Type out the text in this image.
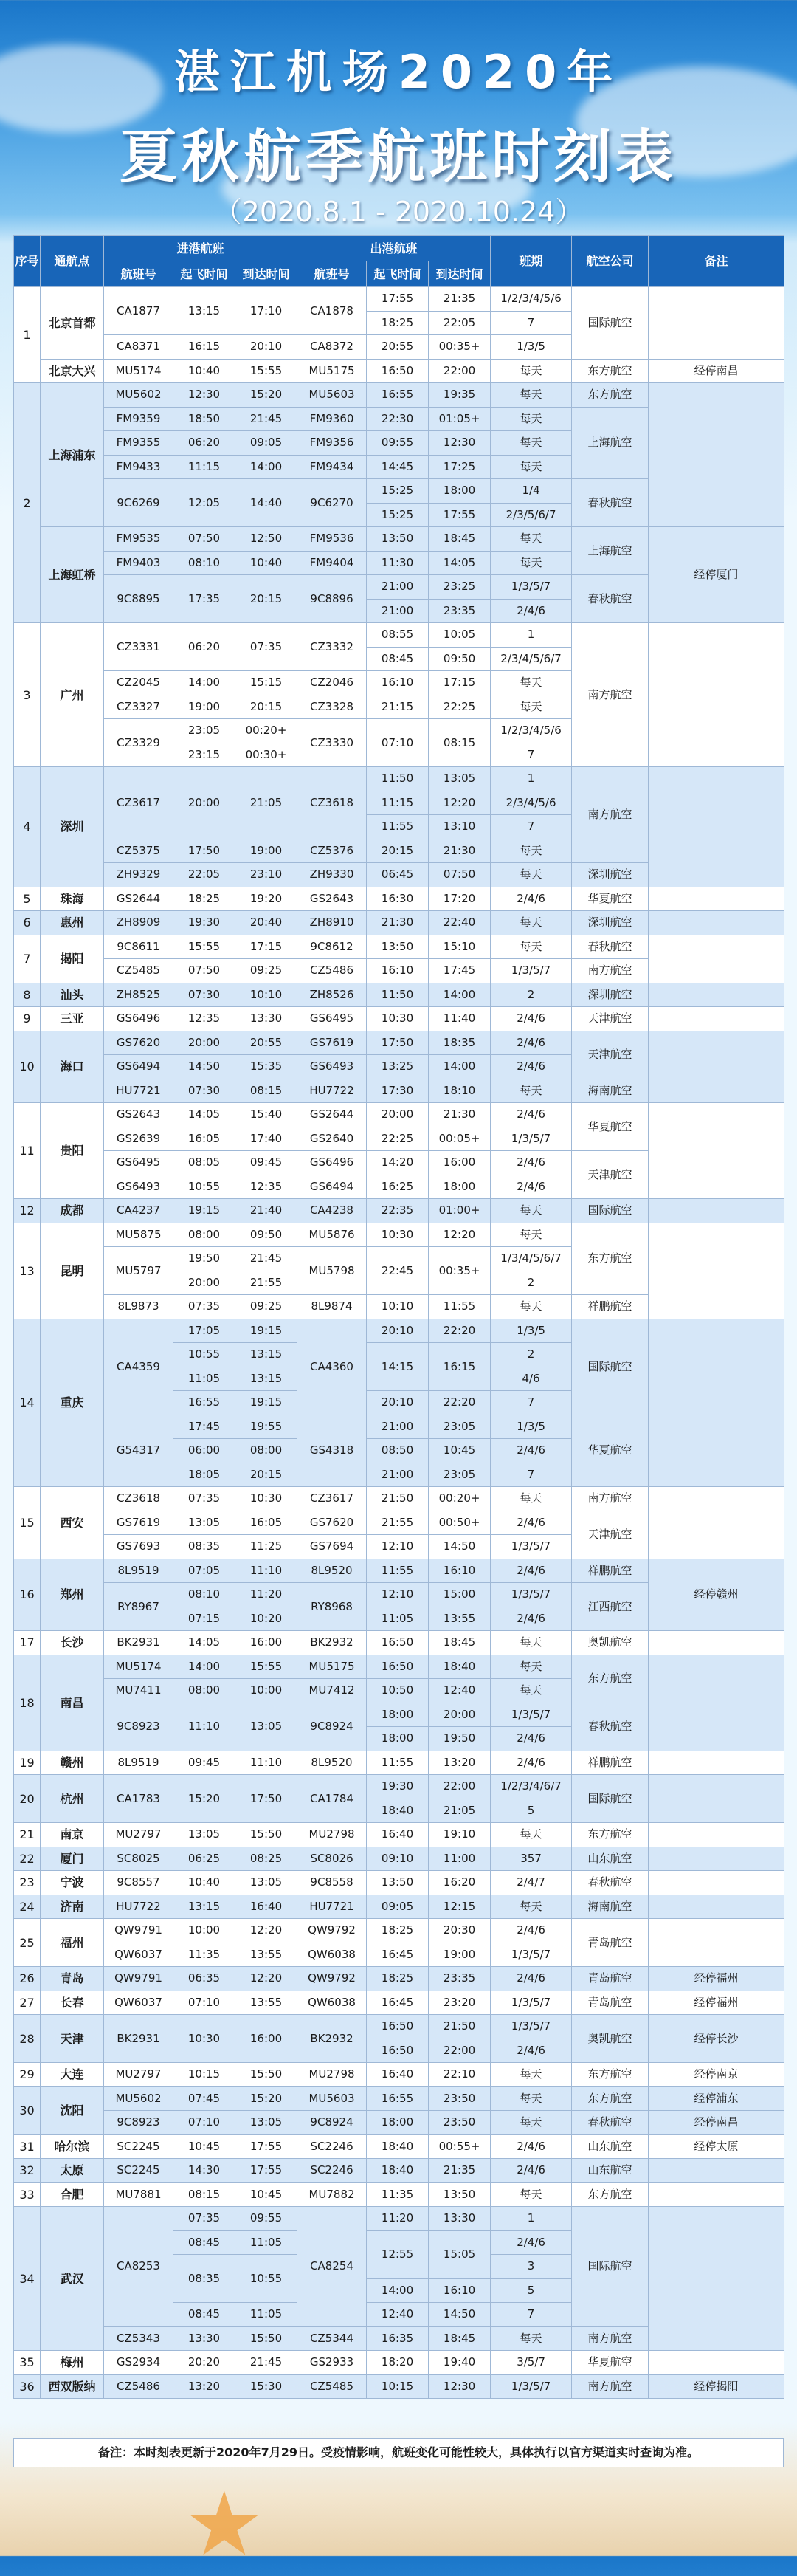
湛江机场2020年
夏秋航季航班时刻表
（2020.8.1 - 2020.10.24）
序号	通航点	进港航班			出港航班			班期	航空公司	备注
		航班号	起飞时间	到达时间	航班号	起飞时间	到达时间			
1	北京首都	CA1877	13:15	17:10	CA1878	17:55	21:35	1/2/3/4/5/6	国际航空	
						18:25	22:05	7		
		CA8371	16:15	20:10	CA8372	20:55	00:35+	1/3/5		
	北京大兴	MU5174	10:40	15:55	MU5175	16:50	22:00	每天	东方航空	经停南昌
2	上海浦东	MU5602	12:30	15:20	MU5603	16:55	19:35	每天	东方航空	
		FM9359	18:50	21:45	FM9360	22:30	01:05+	每天	上海航空	
		FM9355	06:20	09:05	FM9356	09:55	12:30	每天		
		FM9433	11:15	14:00	FM9434	14:45	17:25	每天		
		9C6269	12:05	14:40	9C6270	15:25	18:00	1/4	春秋航空	
						15:25	17:55	2/3/5/6/7		
	上海虹桥	FM9535	07:50	12:50	FM9536	13:50	18:45	每天	上海航空	经停厦门
		FM9403	08:10	10:40	FM9404	11:30	14:05	每天		
		9C8895	17:35	20:15	9C8896	21:00	23:25	1/3/5/7	春秋航空	
						21:00	23:35	2/4/6		
3	广州	CZ3331	06:20	07:35	CZ3332	08:55	10:05	1	南方航空	
						08:45	09:50	2/3/4/5/6/7		
		CZ2045	14:00	15:15	CZ2046	16:10	17:15	每天		
		CZ3327	19:00	20:15	CZ3328	21:15	22:25	每天		
		CZ3329	23:05	00:20+	CZ3330	07:10	08:15	1/2/3/4/5/6		
			23:15	00:30+				7		
4	深圳	CZ3617	20:00	21:05	CZ3618	11:50	13:05	1	南方航空	
						11:15	12:20	2/3/4/5/6		
						11:55	13:10	7		
		CZ5375	17:50	19:00	CZ5376	20:15	21:30	每天		
		ZH9329	22:05	23:10	ZH9330	06:45	07:50	每天	深圳航空	
5	珠海	GS2644	18:25	19:20	GS2643	16:30	17:20	2/4/6	华夏航空	
6	惠州	ZH8909	19:30	20:40	ZH8910	21:30	22:40	每天	深圳航空	
7	揭阳	9C8611	15:55	17:15	9C8612	13:50	15:10	每天	春秋航空	
		CZ5485	07:50	09:25	CZ5486	16:10	17:45	1/3/5/7	南方航空	
8	汕头	ZH8525	07:30	10:10	ZH8526	11:50	14:00	2	深圳航空	
9	三亚	GS6496	12:35	13:30	GS6495	10:30	11:40	2/4/6	天津航空	
10	海口	GS7620	20:00	20:55	GS7619	17:50	18:35	2/4/6	天津航空	
		GS6494	14:50	15:35	GS6493	13:25	14:00	2/4/6		
		HU7721	07:30	08:15	HU7722	17:30	18:10	每天	海南航空	
11	贵阳	GS2643	14:05	15:40	GS2644	20:00	21:30	2/4/6	华夏航空	
		GS2639	16:05	17:40	GS2640	22:25	00:05+	1/3/5/7		
		GS6495	08:05	09:45	GS6496	14:20	16:00	2/4/6	天津航空	
		GS6493	10:55	12:35	GS6494	16:25	18:00	2/4/6		
12	成都	CA4237	19:15	21:40	CA4238	22:35	01:00+	每天	国际航空	
13	昆明	MU5875	08:00	09:50	MU5876	10:30	12:20	每天	东方航空	
		MU5797	19:50	21:45	MU5798	22:45	00:35+	1/3/4/5/6/7		
			20:00	21:55				2		
		8L9873	07:35	09:25	8L9874	10:10	11:55	每天	祥鹏航空	
14	重庆	CA4359	17:05	19:15	CA4360	20:10	22:20	1/3/5	国际航空	
			10:55	13:15		14:15	16:15	2		
			11:05	13:15				4/6		
			16:55	19:15		20:10	22:20	7		
		G54317	17:45	19:55	GS4318	21:00	23:05	1/3/5	华夏航空	
			06:00	08:00		08:50	10:45	2/4/6		
			18:05	20:15		21:00	23:05	7		
15	西安	CZ3618	07:35	10:30	CZ3617	21:50	00:20+	每天	南方航空	
		GS7619	13:05	16:05	GS7620	21:55	00:50+	2/4/6	天津航空	
		GS7693	08:35	11:25	GS7694	12:10	14:50	1/3/5/7		
16	郑州	8L9519	07:05	11:10	8L9520	11:55	16:10	2/4/6	祥鹏航空	经停赣州
		RY8967	08:10	11:20	RY8968	12:10	15:00	1/3/5/7	江西航空	
			07:15	10:20		11:05	13:55	2/4/6		
17	长沙	BK2931	14:05	16:00	BK2932	16:50	18:45	每天	奥凯航空	
18	南昌	MU5174	14:00	15:55	MU5175	16:50	18:40	每天	东方航空	
		MU7411	08:00	10:00	MU7412	10:50	12:40	每天		
		9C8923	11:10	13:05	9C8924	18:00	20:00	1/3/5/7	春秋航空	
						18:00	19:50	2/4/6		
19	赣州	8L9519	09:45	11:10	8L9520	11:55	13:20	2/4/6	祥鹏航空	
20	杭州	CA1783	15:20	17:50	CA1784	19:30	22:00	1/2/3/4/6/7	国际航空	
						18:40	21:05	5		
21	南京	MU2797	13:05	15:50	MU2798	16:40	19:10	每天	东方航空	
22	厦门	SC8025	06:25	08:25	SC8026	09:10	11:00	357	山东航空	
23	宁波	9C8557	10:40	13:05	9C8558	13:50	16:20	2/4/7	春秋航空	
24	济南	HU7722	13:15	16:40	HU7721	09:05	12:15	每天	海南航空	
25	福州	QW9791	10:00	12:20	QW9792	18:25	20:30	2/4/6	青岛航空	
		QW6037	11:35	13:55	QW6038	16:45	19:00	1/3/5/7		
26	青岛	QW9791	06:35	12:20	QW9792	18:25	23:35	2/4/6	青岛航空	经停福州
27	长春	QW6037	07:10	13:55	QW6038	16:45	23:20	1/3/5/7	青岛航空	经停福州
28	天津	BK2931	10:30	16:00	BK2932	16:50	21:50	1/3/5/7	奥凯航空	经停长沙
						16:50	22:00	2/4/6		
29	大连	MU2797	10:15	15:50	MU2798	16:40	22:10	每天	东方航空	经停南京
30	沈阳	MU5602	07:45	15:20	MU5603	16:55	23:50	每天	东方航空	经停浦东
		9C8923	07:10	13:05	9C8924	18:00	23:50	每天	春秋航空	经停南昌
31	哈尔滨	SC2245	10:45	17:55	SC2246	18:40	00:55+	2/4/6	山东航空	经停太原
32	太原	SC2245	14:30	17:55	SC2246	18:40	21:35	2/4/6	山东航空	
33	合肥	MU7881	08:15	10:45	MU7882	11:35	13:50	每天	东方航空	
34	武汉	CA8253	07:35	09:55	CA8254	11:20	13:30	1	国际航空	
			08:45	11:05		12:55	15:05	2/4/6		
			08:35	10:55				3		
						14:00	16:10	5		
			08:45	11:05		12:40	14:50	7		
		CZ5343	13:30	15:50	CZ5344	16:35	18:45	每天	南方航空	
35	梅州	GS2934	20:20	21:45	GS2933	18:20	19:40	3/5/7	华夏航空	
36	西双版纳	CZ5486	13:20	15:30	CZ5485	10:15	12:30	1/3/5/7	南方航空	经停揭阳
备注：本时刻表更新于2020年7月29日。受疫情影响，航班变化可能性较大，具体执行以官方渠道实时查询为准。
★
